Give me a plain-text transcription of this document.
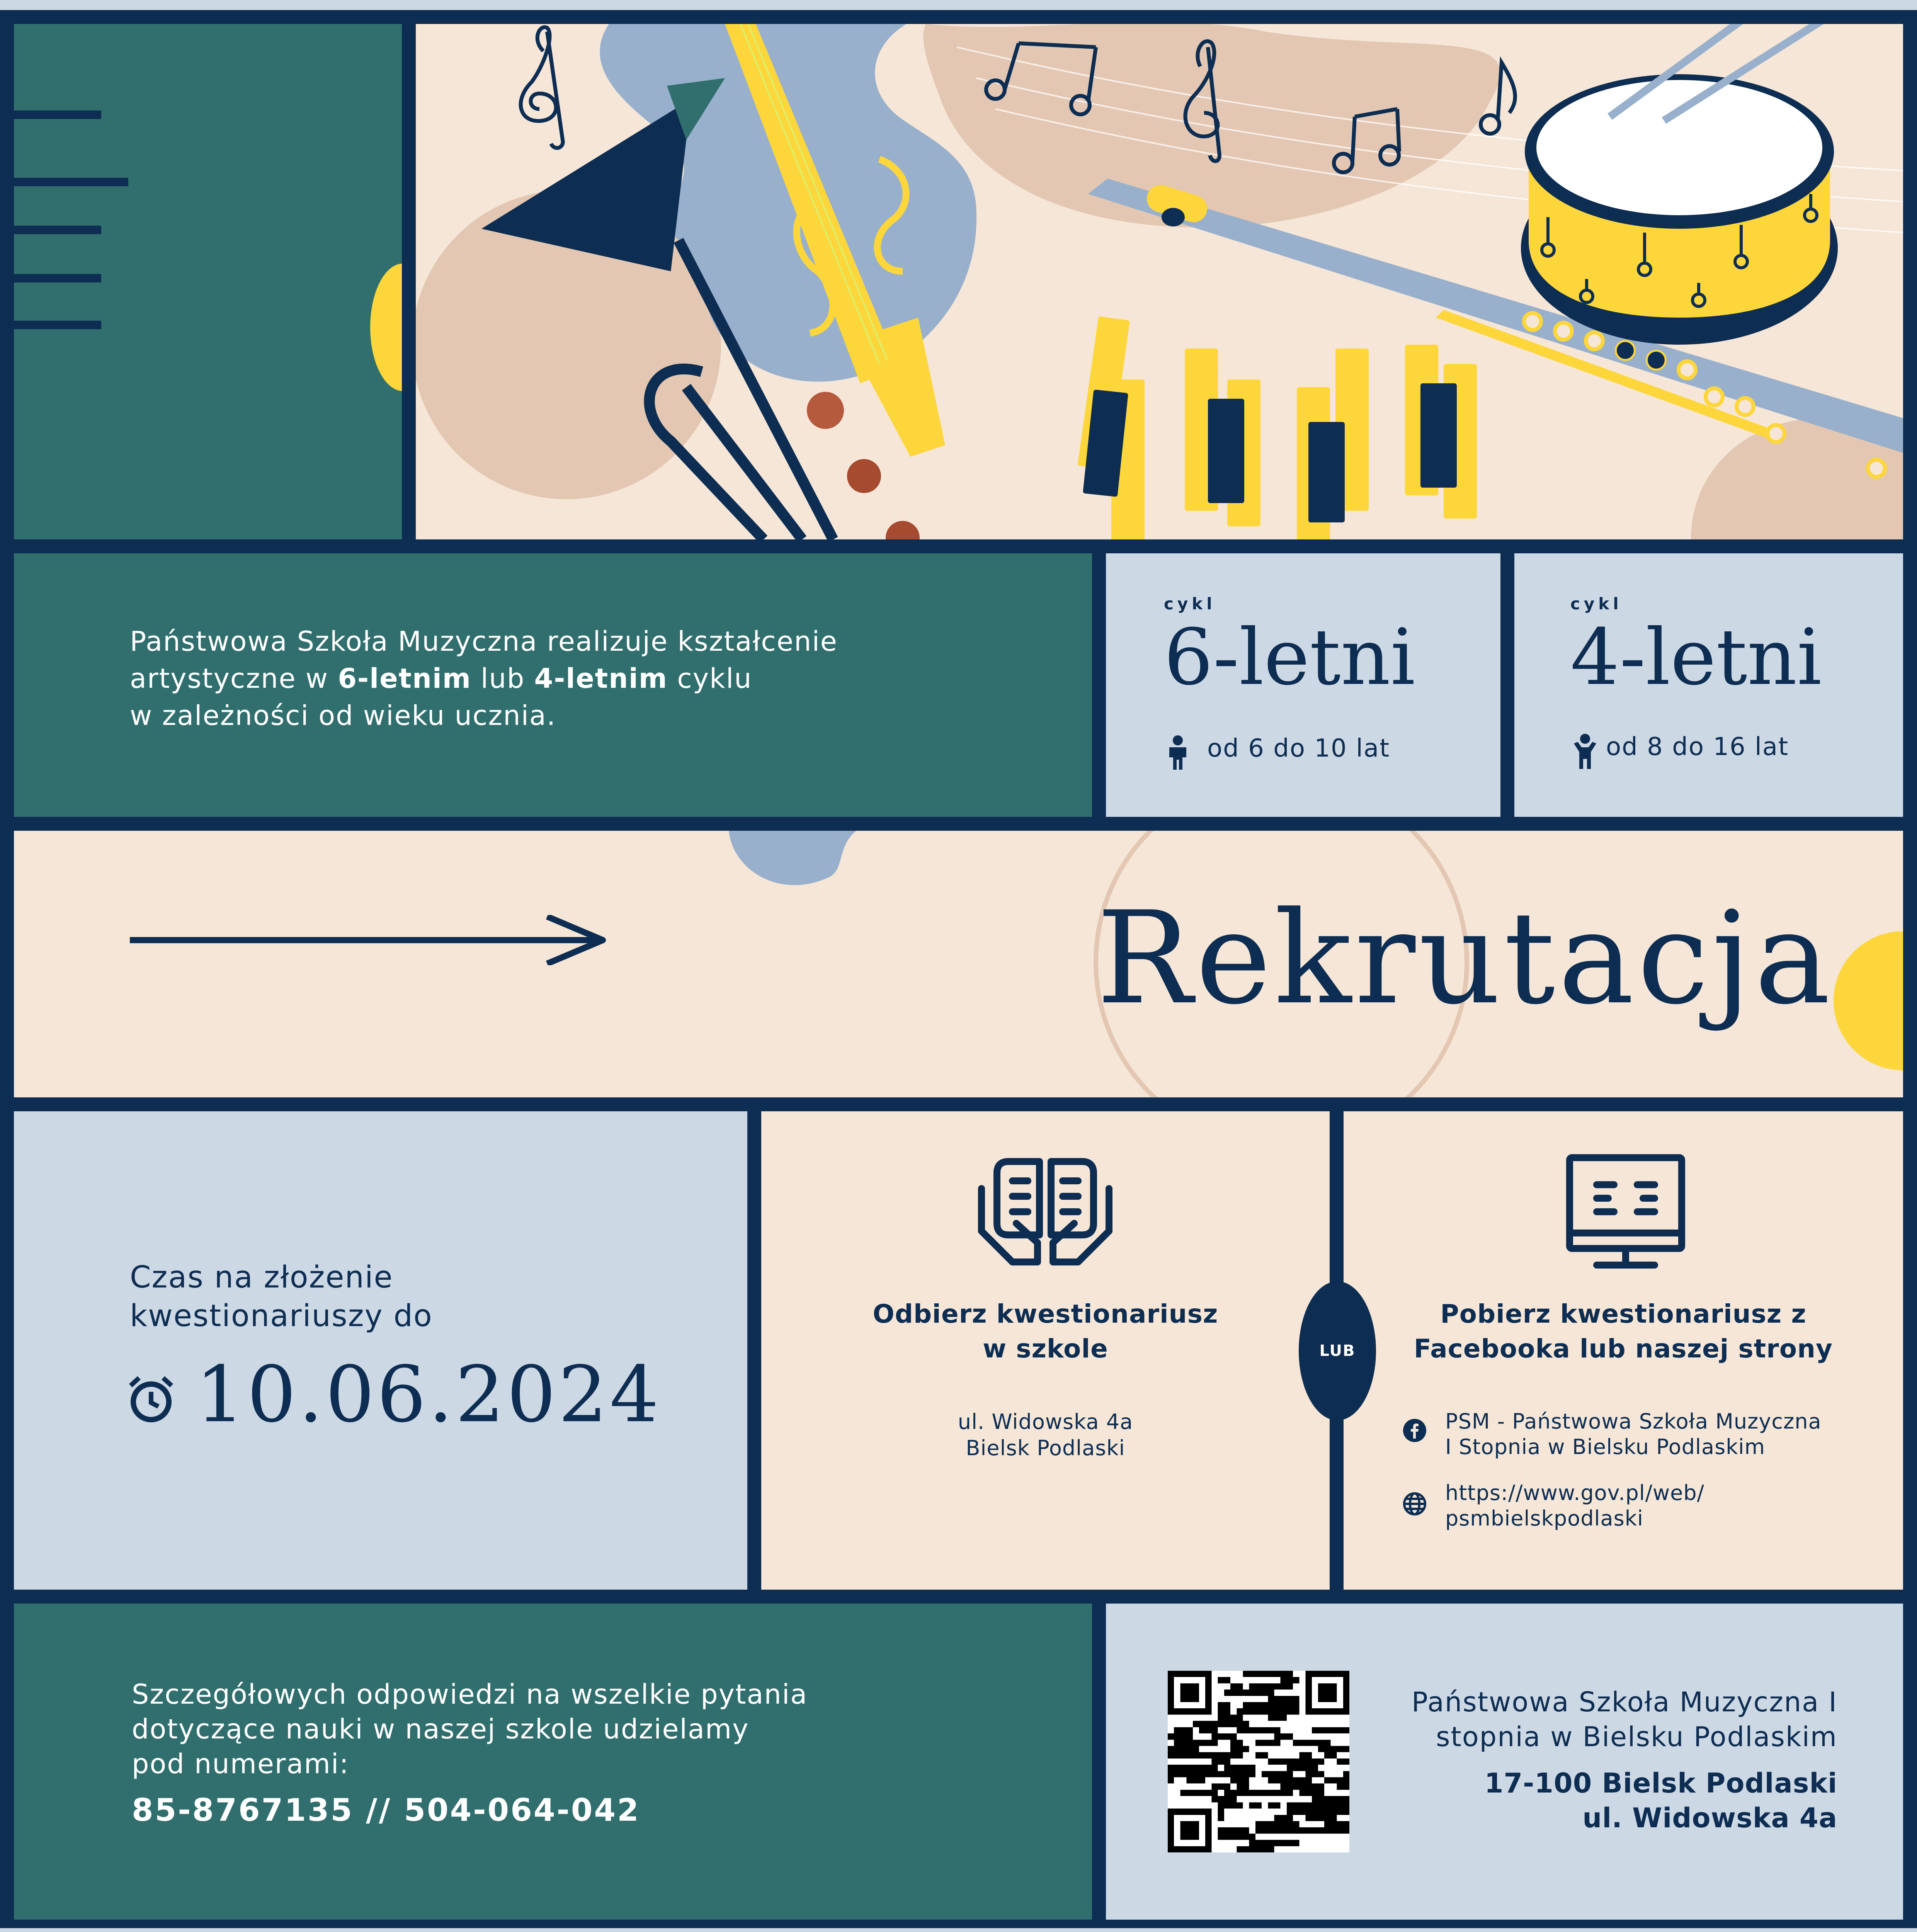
Państwowa Szkoła Muzyczna realizuje kształcenie
artystyczne w 6-letnim lub 4-letnim cyklu
w zależności od wieku ucznia.
cykl
6-letni
od 6 do 10 lat
cykl
4-letni
od 8 do 16 lat
Rekrutacja
Czas na złożenie
kwestionariuszy do
10.06.2024
Odbierz kwestionariusz
w szkole
ul. Widowska 4a
Bielsk Podlaski
LUB
Pobierz kwestionariusz z
Facebooka lub naszej strony
PSM - Państwowa Szkoła Muzyczna
I Stopnia w Bielsku Podlaskim
https://www.gov.pl/web/
psmbielskpodlaski
Szczegółowych odpowiedzi na wszelkie pytania
dotyczące nauki w naszej szkole udzielamy
pod numerami:
85-8767135 // 504-064-042
Państwowa Szkoła Muzyczna I
stopnia w Bielsku Podlaskim
17-100 Bielsk Podlaski
ul. Widowska 4a
